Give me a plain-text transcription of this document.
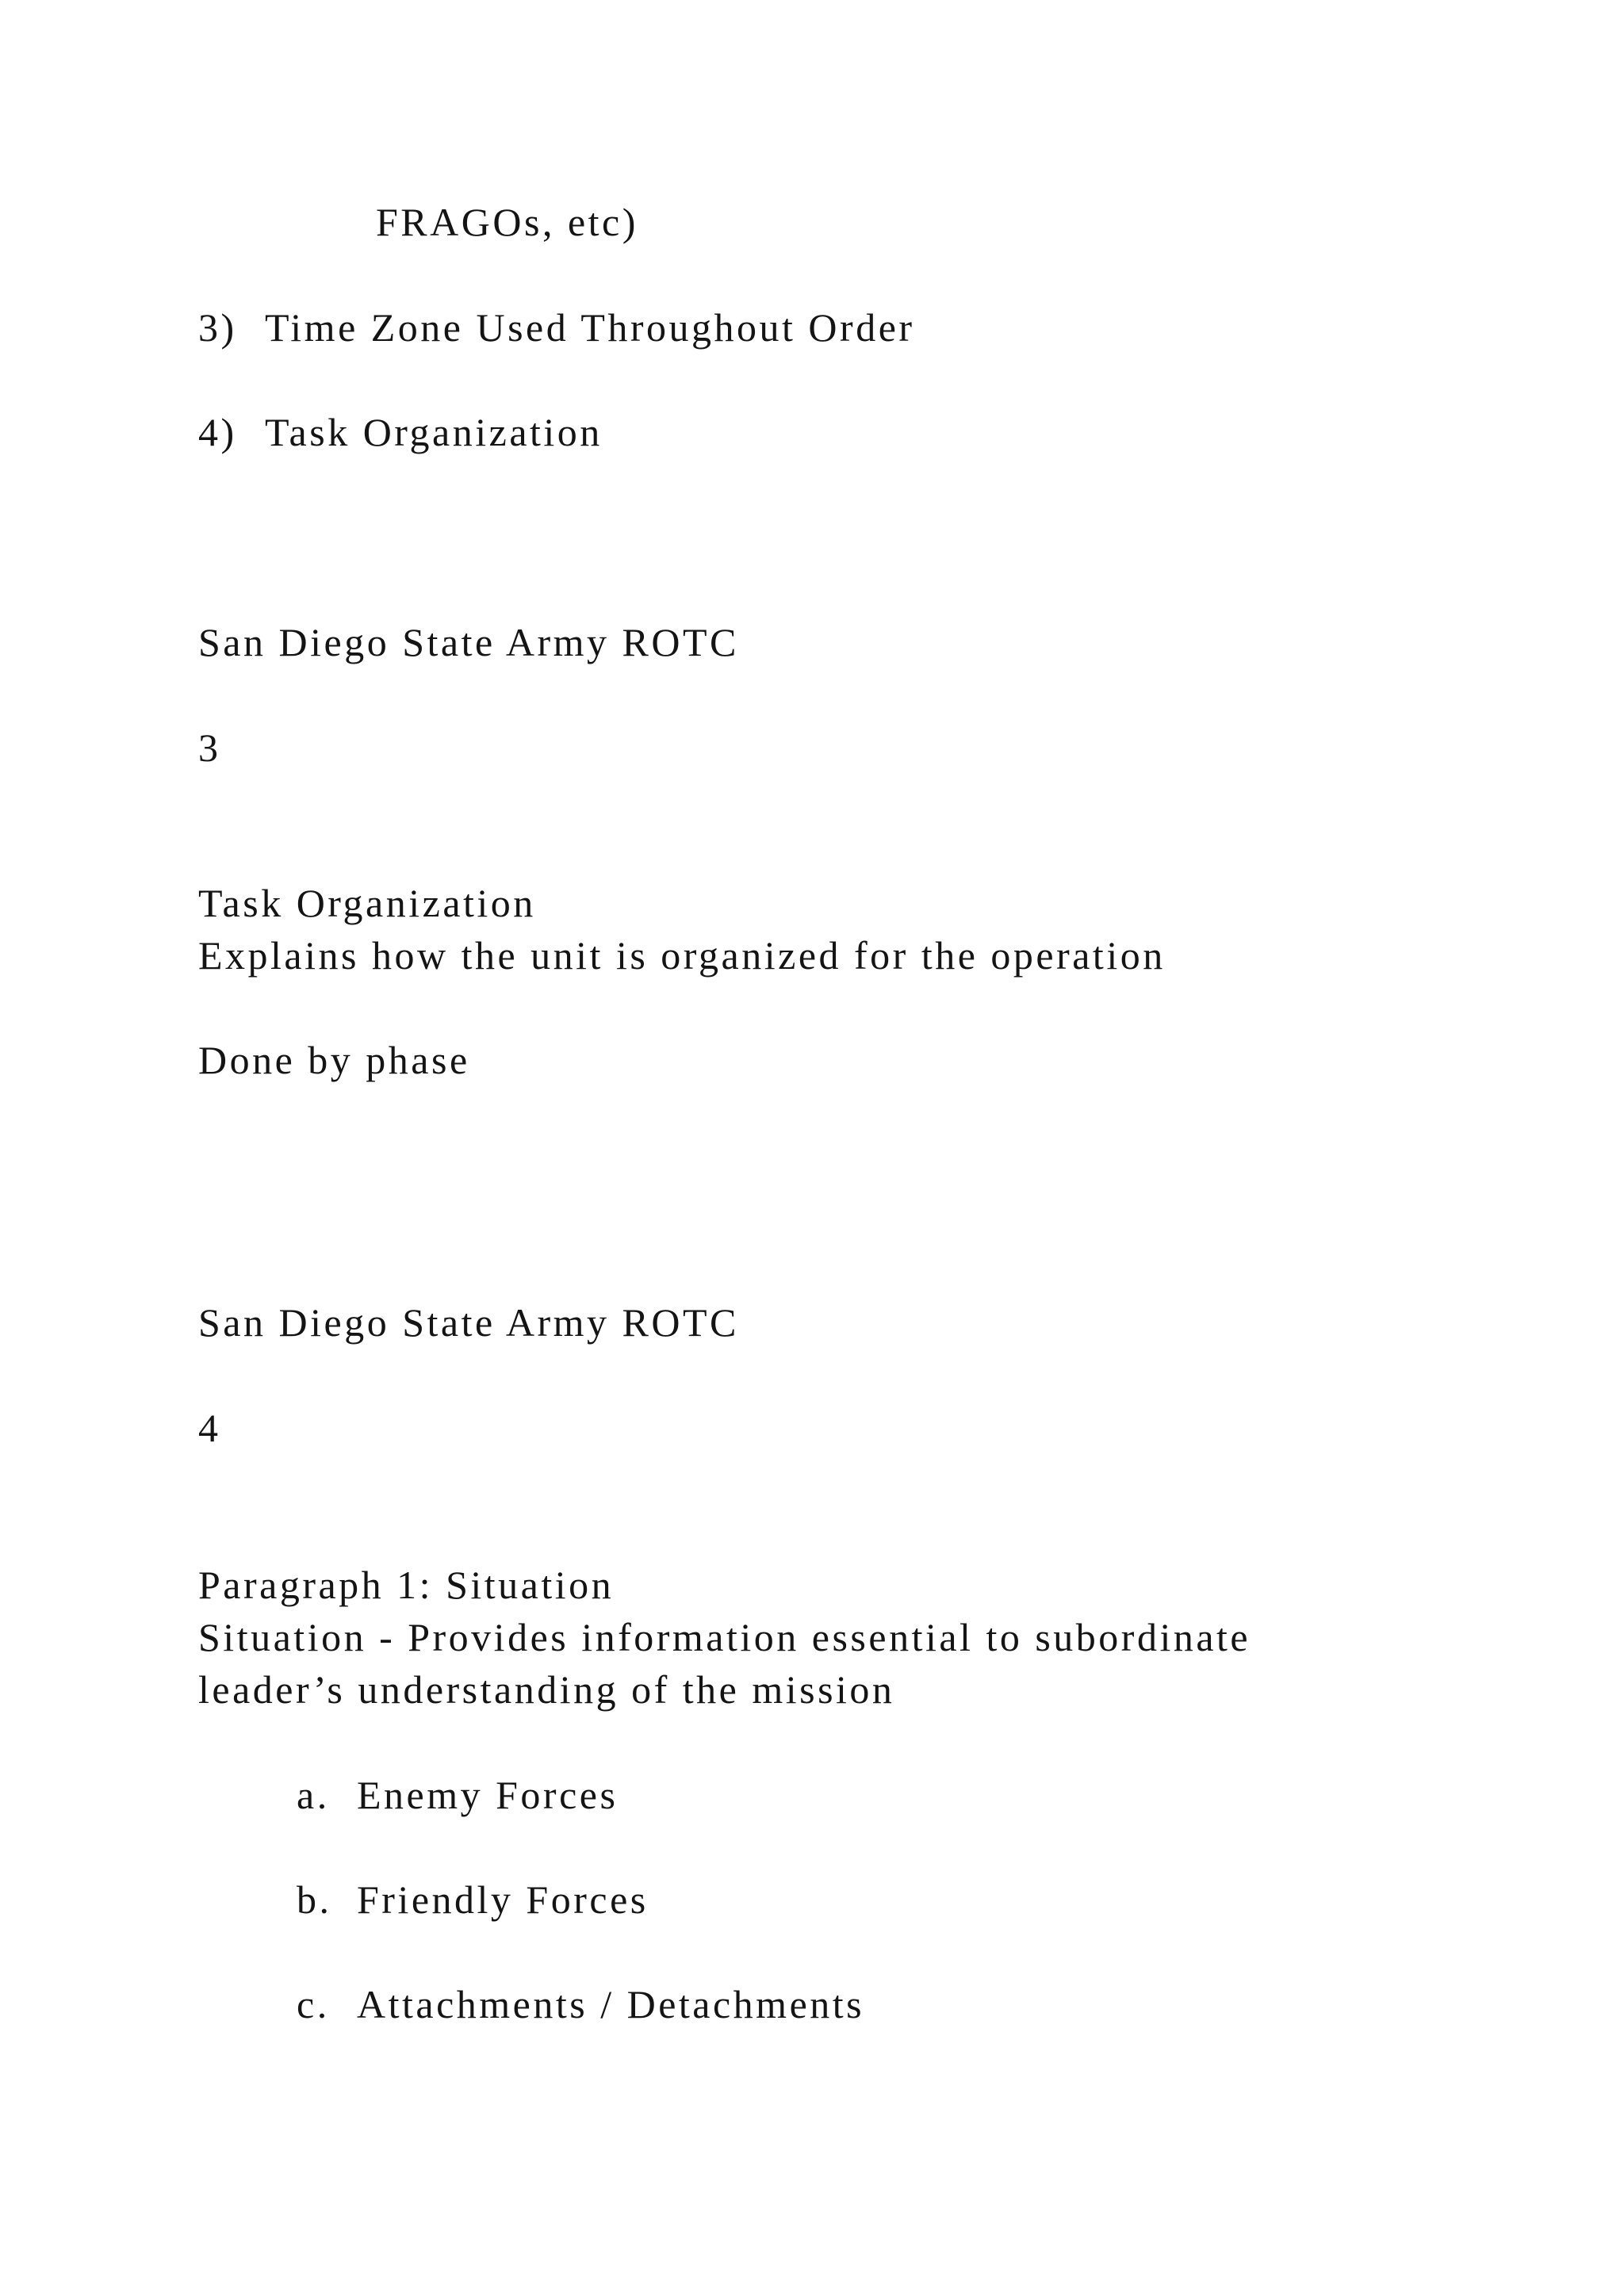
FRAGOs, etc)
3) Time Zone Used Throughout Order
4) Task Organization
San Diego State Army ROTC
3
Task Organization
Explains how the unit is organized for the operation
Done by phase
San Diego State Army ROTC
4
Paragraph 1: Situation
Situation - Provides information essential to subordinate
leader’s understanding of the mission
a. Enemy Forces
b. Friendly Forces
c. Attachments / Detachments
